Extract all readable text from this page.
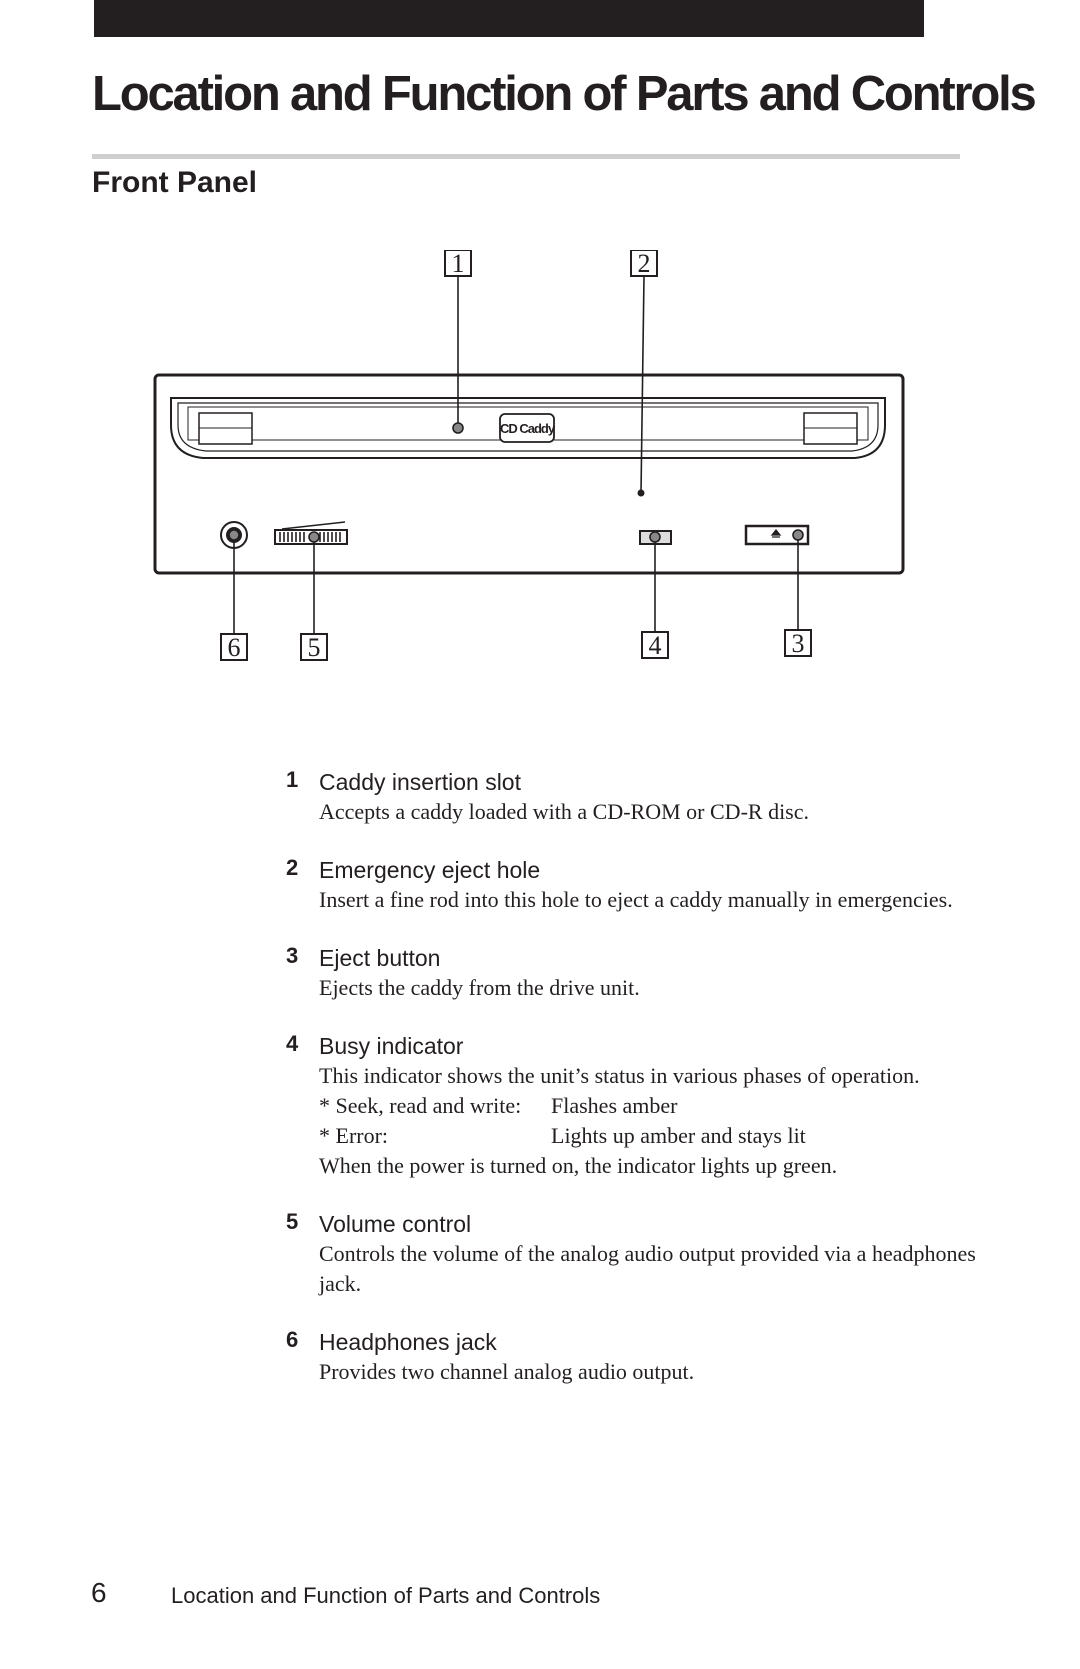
Location and Function of Parts and Controls
Front Panel
CD Caddy
1	2
3
4
5
6
1 Caddy insertion slot
Accepts a caddy loaded with a CD-ROM or CD-R disc.
2 Emergency eject hole
Insert a fine rod into this hole to eject a caddy manually in emergencies.
3 Eject button
Ejects the caddy from the drive unit.
4 Busy indicator
This indicator shows the unit’s status in various phases of operation.
* Seek, read and write:	Flashes amber
* Error:	Lights up amber and stays lit
When the power is turned on, the indicator lights up green.
5 Volume control
Controls the volume of the analog audio output provided via a headphones jack.
6 Headphones jack
Provides two channel analog audio output.
6	Location and Function of Parts and Controls
